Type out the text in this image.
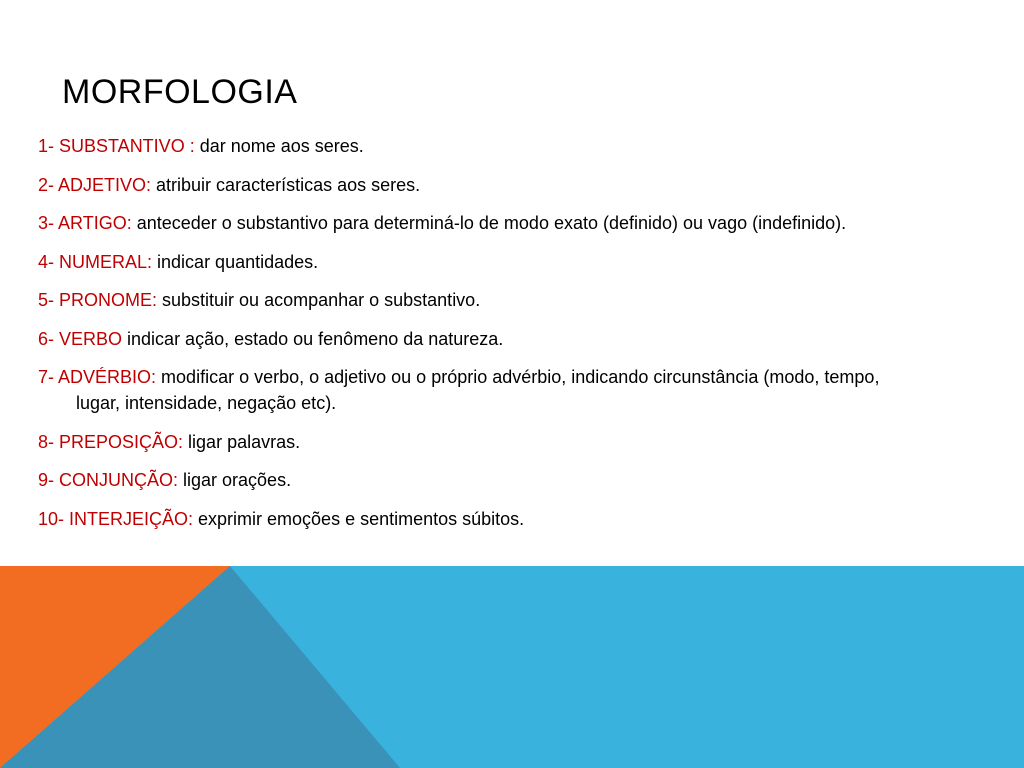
MORFOLOGIA
1- SUBSTANTIVO : dar nome aos seres.
2- ADJETIVO: atribuir características aos seres.
3- ARTIGO: anteceder o substantivo para determiná-lo de modo exato (definido) ou vago (indefinido).
4- NUMERAL: indicar quantidades.
5- PRONOME: substituir ou acompanhar o substantivo.
6- VERBO indicar ação, estado ou fenômeno da natureza.
7- ADVÉRBIO: modificar o verbo, o adjetivo ou o próprio advérbio, indicando circunstância (modo, tempo, lugar, intensidade, negação etc).
8- PREPOSIÇÃO: ligar palavras.
9- CONJUNÇÃO: ligar orações.
10- INTERJEIÇÃO: exprimir emoções e sentimentos súbitos.
